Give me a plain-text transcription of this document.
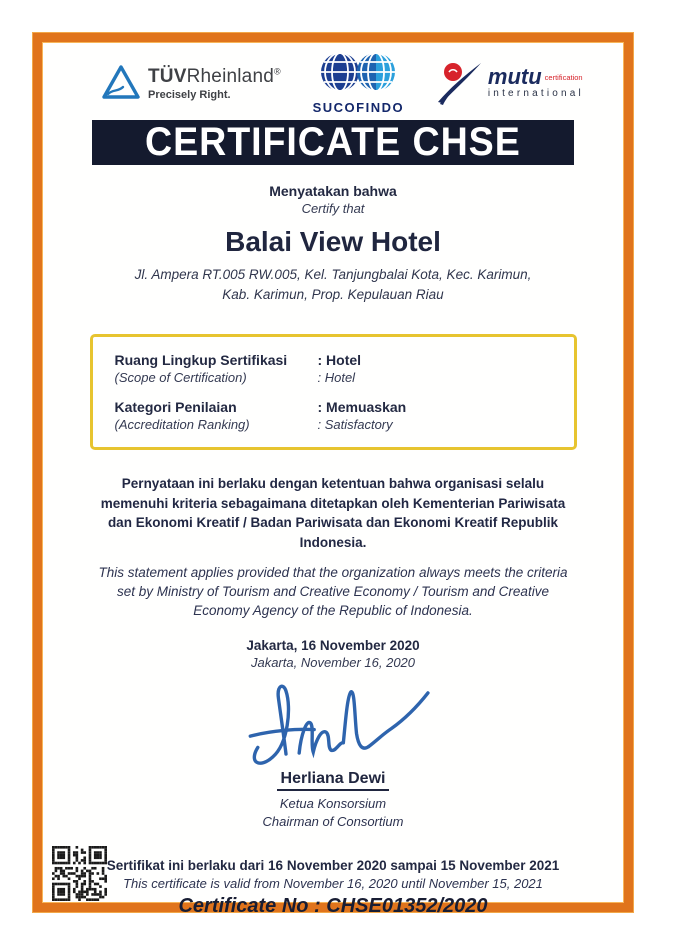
TÜVRheinland®
Precisely Right.
SUCOFINDO
mutu certification
international
CERTIFICATE CHSE
Menyatakan bahwa
Certify that
Balai View Hotel
Jl. Ampera RT.005 RW.005, Kel. Tanjungbalai Kota, Kec. Karimun,
Kab. Karimun, Prop. Kepulauan Riau
Ruang Lingkup Sertifikasi	: Hotel
(Scope of Certification)	: Hotel
Kategori Penilaian	: Memuaskan
(Accreditation Ranking)	: Satisfactory
Pernyataan ini berlaku dengan ketentuan bahwa organisasi selalu memenuhi kriteria sebagaimana ditetapkan oleh Kementerian Pariwisata dan Ekonomi Kreatif / Badan Pariwisata dan Ekonomi Kreatif Republik Indonesia.
This statement applies provided that the organization always meets the criteria set by Ministry of Tourism and Creative Economy / Tourism and Creative Economy Agency of the Republic of Indonesia.
Jakarta, 16 November 2020
Jakarta, November 16, 2020
Herliana Dewi
Ketua Konsorsium
Chairman of Consortium
Sertifikat ini berlaku dari 16 November 2020 sampai 15 November 2021
This certificate is valid from November 16, 2020 until November 15, 2021
Certificate No : CHSE01352/2020
